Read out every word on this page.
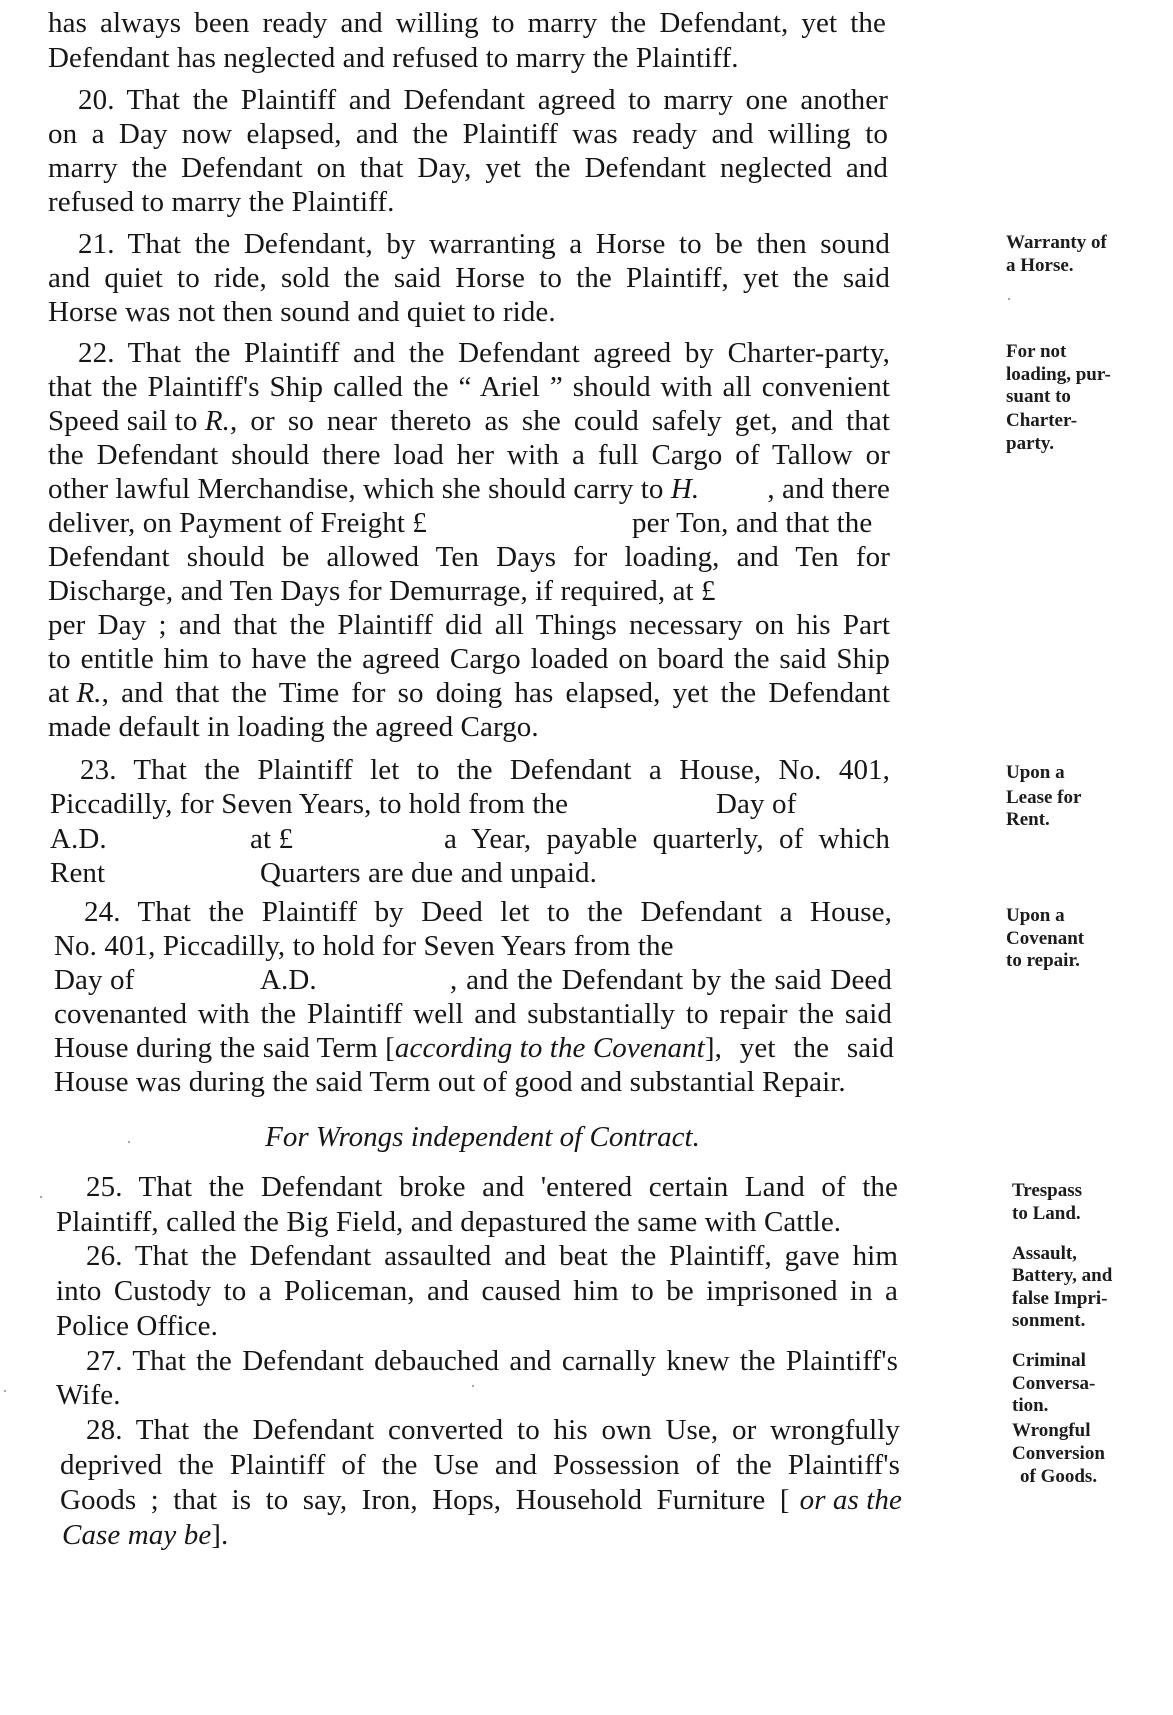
has always been ready and willing to marry the Defendant, yet the
Defendant has neglected and refused to marry the Plaintiff.
20. That the Plaintiff and Defendant agreed to marry one another
on a Day now elapsed, and the Plaintiff was ready and willing to
marry the Defendant on that Day, yet the Defendant neglected and
refused to marry the Plaintiff.
21. That the Defendant, by warranting a Horse to be then sound
and quiet to ride, sold the said Horse to the Plaintiff, yet the said
Horse was not then sound and quiet to ride.
Warranty of
a Horse.
22. That the Plaintiff and the Defendant agreed by Charter-party,
that the Plaintiff's Ship called the “ Ariel ” should with all convenient
Speed sail to R. , or so near thereto as she could safely get, and that
the Defendant should there load her with a full Cargo of Tallow or
other lawful Merchandise, which she should carry to H.	, and there
deliver, on Payment of Freight £	per Ton, and that the
Defendant should be allowed Ten Days for loading, and Ten for
Discharge, and Ten Days for Demurrage, if required, at £
per Day ; and that the Plaintiff did all Things necessary on his Part
to entitle him to have the agreed Cargo loaded on board the said Ship
at R. , and that the Time for so doing has elapsed, yet the Defendant
made default in loading the agreed Cargo.
For not
loading, pur-
suant to
Charter-
party.
23. That the Plaintiff let to the Defendant a House, No. 401,
Piccadilly, for Seven Years, to hold from the	Day of
A.D.	at £	a Year, payable quarterly, of which
Rent	Quarters are due and unpaid.
Upon a
Lease for
Rent.
24. That the Plaintiff by Deed let to the Defendant a House,
No. 401, Piccadilly, to hold for Seven Years from the
Day of	A.D.	, and the Defendant by the said Deed
covenanted with the Plaintiff well and substantially to repair the said
House during the said Term [ according to the Covenant ], yet the said
House was during the said Term out of good and substantial Repair.
Upon a
Covenant
to repair.
For Wrongs independent of Contract.
25. That the Defendant broke and 'entered certain Land of the
Plaintiff, called the Big Field, and depastured the same with Cattle.
Trespass
to Land.
26. That the Defendant assaulted and beat the Plaintiff, gave him
into Custody to a Policeman, and caused him to be imprisoned in a
Police Office.
Assault,
Battery, and
false Impri-
sonment.
27. That the Defendant debauched and carnally knew the Plaintiff's
Wife.
Criminal
Conversa-
tion.
28. That the Defendant converted to his own Use, or wrongfully
deprived the Plaintiff of the Use and Possession of the Plaintiff's
Goods ; that is to say, Iron, Hops, Household Furniture [ or as the
Case may be ].
Wrongful
Conversion
of Goods.
